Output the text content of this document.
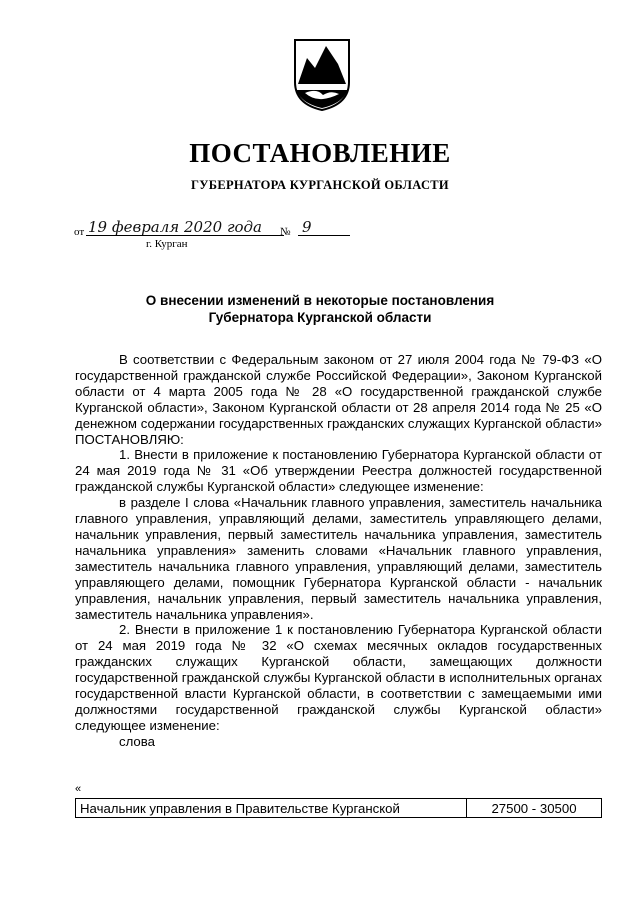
ПОСТАНОВЛЕНИЕ
ГУБЕРНАТОРА КУРГАНСКОЙ ОБЛАСТИ
от 19 февраля 2020 года	№ 9
г. Курган
О внесении изменений в некоторые постановления
Губернатора Курганской области

В соответствии с Федеральным законом от 27 июля 2004 года № 79-ФЗ «О государственной гражданской службе Российской Федерации», Законом Курганской области от 4 марта 2005 года № 28 «О государственной гражданской службе Курганской области», Законом Курганской области от 28 апреля 2014 года № 25 «О денежном содержании государственных гражданских служащих Курганской области» ПОСТАНОВЛЯЮ:

1. Внести в приложение к постановлению Губернатора Курганской области от 24 мая 2019 года № 31 «Об утверждении Реестра должностей государственной гражданской службы Курганской области» следующее изменение:

в разделе I слова «Начальник главного управления, заместитель начальника главного управления, управляющий делами, заместитель управляющего делами, начальник управления, первый заместитель начальника управления, заместитель начальника управления» заменить словами «Начальник главного управления, заместитель начальника главного управления, управляющий делами, заместитель управляющего делами, помощник Губернатора Курганской области - начальник управления, начальник управления, первый заместитель начальника управления, заместитель начальника управления».

2. Внести в приложение 1 к постановлению Губернатора Курганской области от 24 мая 2019 года № 32 «О схемах месячных окладов государственных гражданских служащих Курганской области, замещающих должности государственной гражданской службы Курганской области в исполнительных органах государственной власти Курганской области, в соответствии с замещаемыми ими должностями государственной гражданской службы Курганской области» следующее изменение:

слова

«
Начальник управления в Правительстве Курганской	27500 - 30500
